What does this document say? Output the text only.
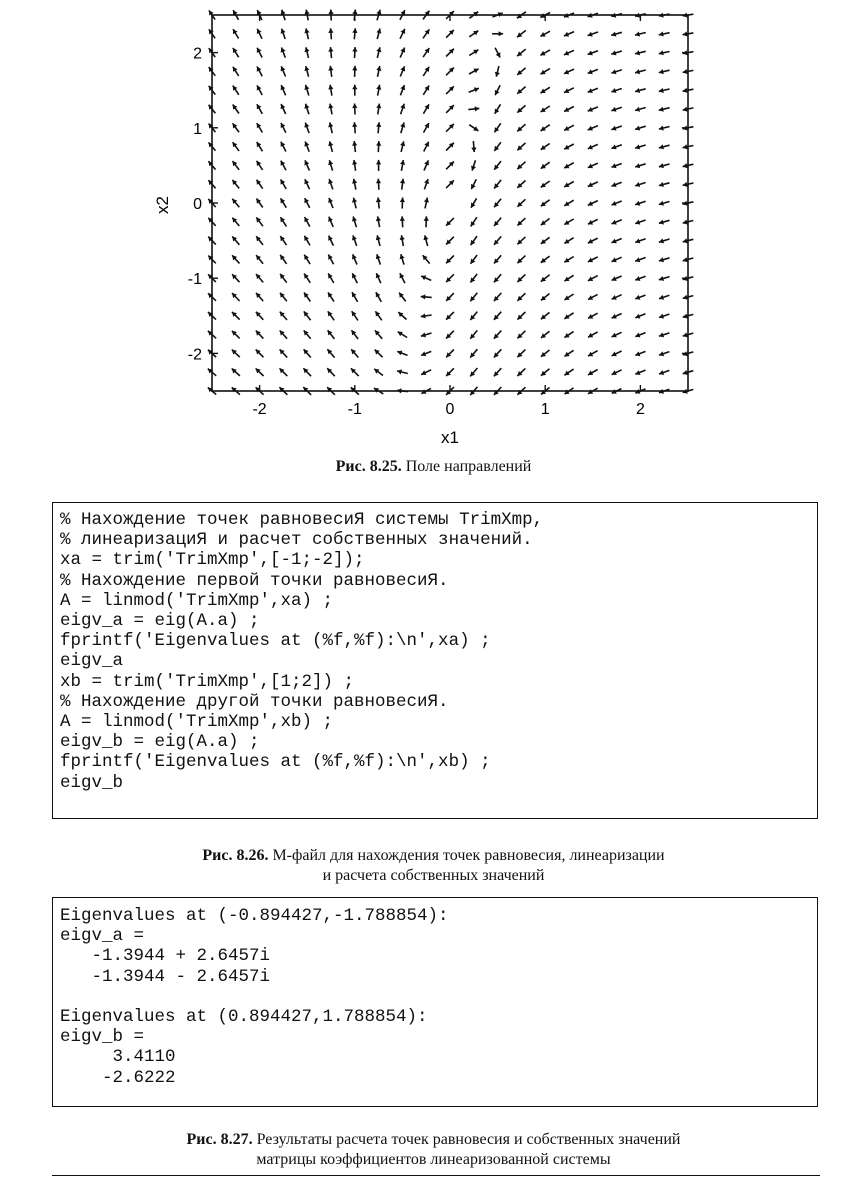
-2	-1	0	1	2
2
1
0
-1
-2
x1
x2
Рис. 8.25. Поле направлений
% Нахождение точек равновесиЯ системы TrimXmp,
% линеаризациЯ и расчет собственных значений.
xa = trim('TrimXmp',[-1;-2]);
% Нахождение первой точки равновесиЯ.
A = linmod('TrimXmp',xa) ;
eigv_a = eig(A.a) ;
fprintf('Eigenvalues at (%f,%f):\n',xa) ;
eigv_a
xb = trim('TrimXmp',[1;2]) ;
% Нахождение другой точки равновесиЯ.
A = linmod('TrimXmp',xb) ;
eigv_b = eig(A.a) ;
fprintf('Eigenvalues at (%f,%f):\n',xb) ;
eigv_b
Рис. 8.26. М-файл для нахождения точек равновесия, линеаризации
и расчета собственных значений
Eigenvalues at (-0.894427,-1.788854):
eigv_a =
-1.3944 + 2.6457i
-1.3944 - 2.6457i

Eigenvalues at (0.894427,1.788854):
eigv_b =
3.4110
-2.6222
Рис. 8.27. Результаты расчета точек равновесия и собственных значений
матрицы коэффициентов линеаризованной системы
